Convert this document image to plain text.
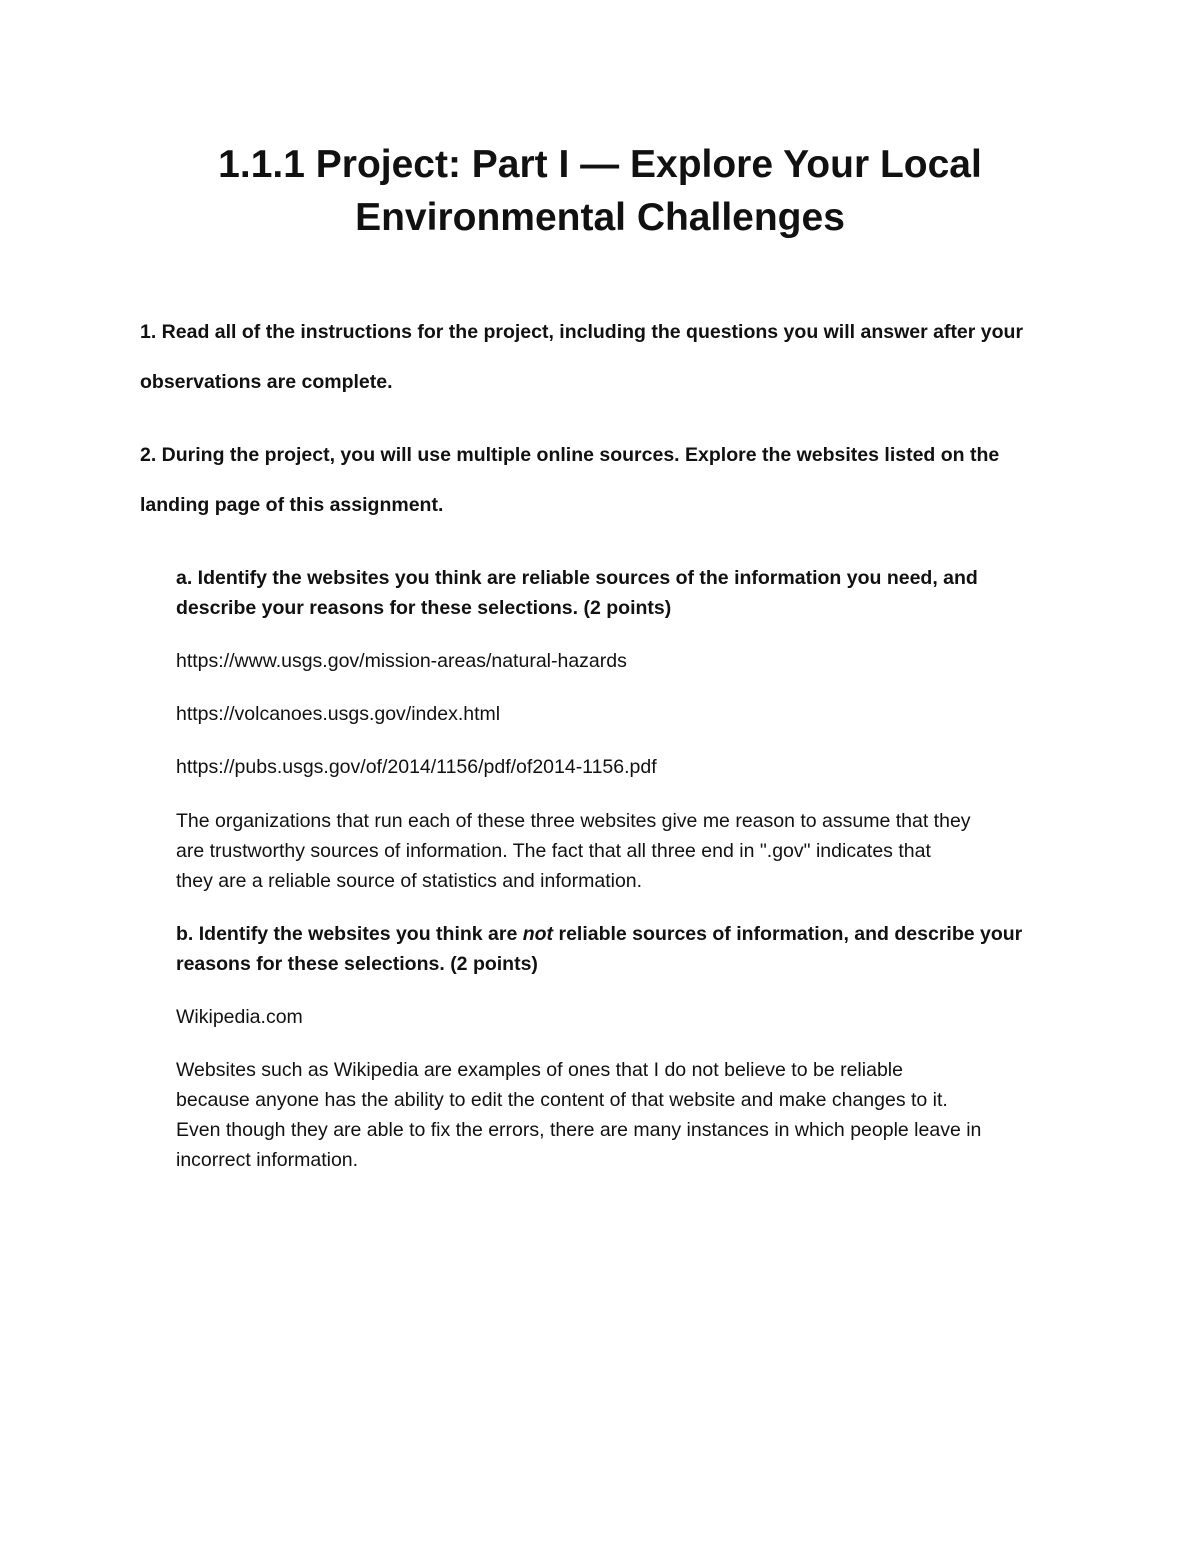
1.1.1 Project: Part I — Explore Your Local
Environmental Challenges

1. Read all of the instructions for the project, including the questions you will answer after your
observations are complete.

2. During the project, you will use multiple online sources. Explore the websites listed on the
landing page of this assignment.

a. Identify the websites you think are reliable sources of the information you need, and
describe your reasons for these selections. (2 points)

https://www.usgs.gov/mission-areas/natural-hazards

https://volcanoes.usgs.gov/index.html

https://pubs.usgs.gov/of/2014/1156/pdf/of2014-1156.pdf

The organizations that run each of these three websites give me reason to assume that they
are trustworthy sources of information. The fact that all three end in ".gov" indicates that
they are a reliable source of statistics and information.

b. Identify the websites you think are not reliable sources of information, and describe your
reasons for these selections. (2 points)

Wikipedia.com

Websites such as Wikipedia are examples of ones that I do not believe to be reliable
because anyone has the ability to edit the content of that website and make changes to it.
Even though they are able to fix the errors, there are many instances in which people leave in
incorrect information.
